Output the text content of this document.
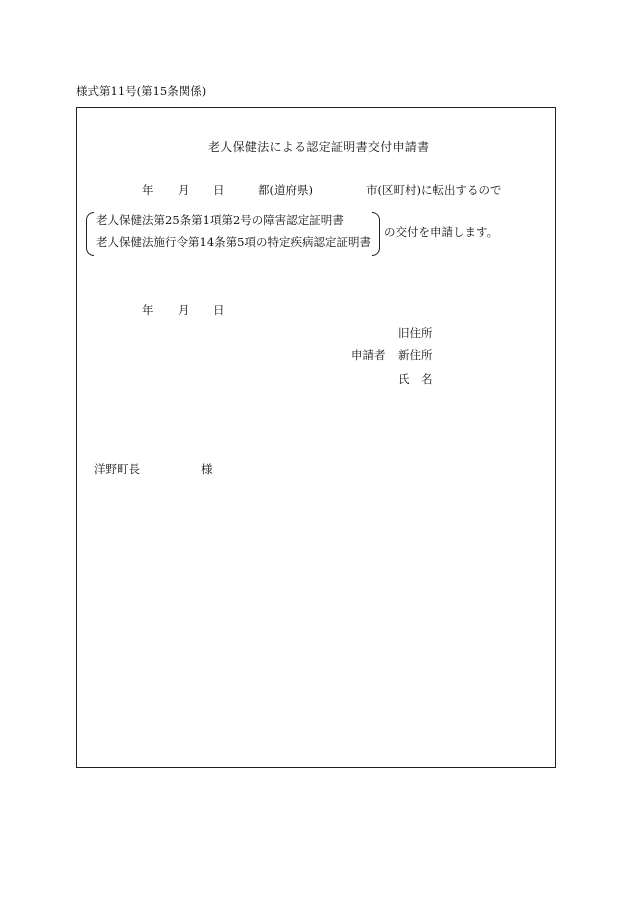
様式第11号(第15条関係)
老人保健法による認定証明書交付申請書
年 月 日	都(道府県)	市(区町村)に転出するので
老人保健法第25条第1項第2号の障害認定証明書
老人保健法施行令第14条第5項の特定疾病認定証明書
の交付を申請します。
年 月 日
旧住所
申請者 新住所
氏　名
洋野町長	様
